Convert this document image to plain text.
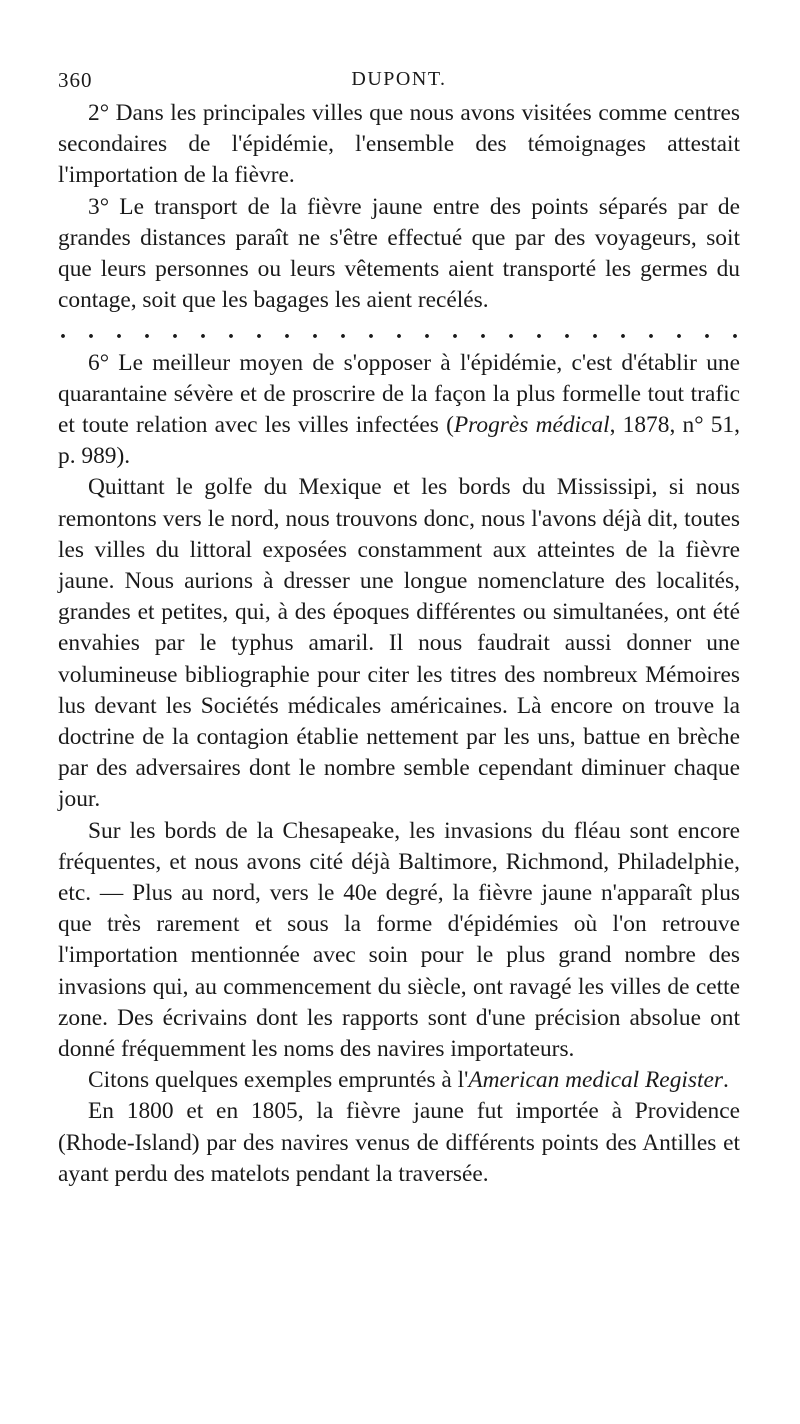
360	DUPONT.

2° Dans les principales villes que nous avons visitées comme centres secondaires de l'épidémie, l'ensemble des témoignages attestait l'importation de la fièvre.

3° Le transport de la fièvre jaune entre des points séparés par de grandes distances paraît ne s'être effectué que par des voyageurs, soit que leurs personnes ou leurs vêtements aient transporté les germes du contage, soit que les bagages les aient recélés.

. . . . . . . . . . . . . . . . . . . . . . . . .

6° Le meilleur moyen de s'opposer à l'épidémie, c'est d'établir une quarantaine sévère et de proscrire de la façon la plus formelle tout trafic et toute relation avec les villes infectées (Progrès médical, 1878, n° 51, p. 989).

Quittant le golfe du Mexique et les bords du Mississipi, si nous remontons vers le nord, nous trouvons donc, nous l'avons déjà dit, toutes les villes du littoral exposées constamment aux atteintes de la fièvre jaune. Nous aurions à dresser une longue nomenclature des localités, grandes et petites, qui, à des époques différentes ou simultanées, ont été envahies par le typhus amaril. Il nous faudrait aussi donner une volumineuse bibliographie pour citer les titres des nombreux Mémoires lus devant les Sociétés médicales américaines. Là encore on trouve la doctrine de la contagion établie nettement par les uns, battue en brèche par des adversaires dont le nombre semble cependant diminuer chaque jour.

Sur les bords de la Chesapeake, les invasions du fléau sont encore fréquentes, et nous avons cité déjà Baltimore, Richmond, Philadelphie, etc. — Plus au nord, vers le 40e degré, la fièvre jaune n'apparaît plus que très rarement et sous la forme d'épidémies où l'on retrouve l'importation mentionnée avec soin pour le plus grand nombre des invasions qui, au commencement du siècle, ont ravagé les villes de cette zone. Des écrivains dont les rapports sont d'une précision absolue ont donné fréquemment les noms des navires importateurs.

Citons quelques exemples empruntés à l'American medical Register.

En 1800 et en 1805, la fièvre jaune fut importée à Providence (Rhode-Island) par des navires venus de différents points des Antilles et ayant perdu des matelots pendant la traversée.
